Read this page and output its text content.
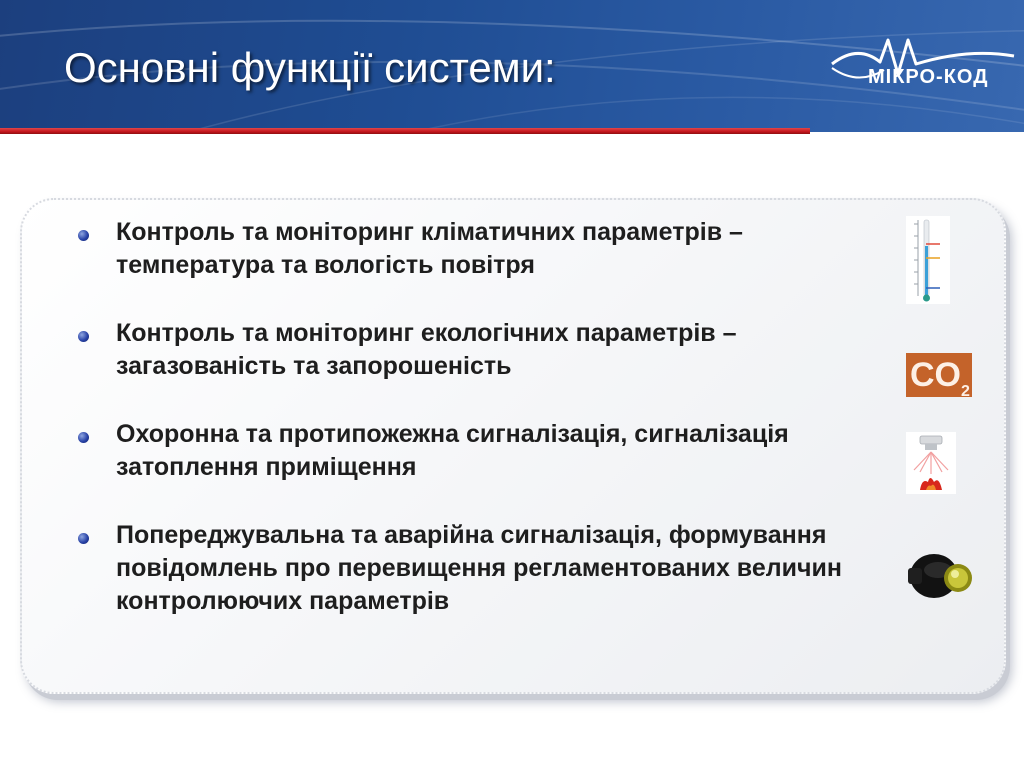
Основні функції системи:	МІКРО-КОД
Контроль та моніторинг кліматичних параметрів – температура та вологість повітря
Контроль та моніторинг екологічних параметрів – загазованість та запорошеність
Охоронна та протипожежна сигналізація, сигналізація затоплення приміщення
Попереджувальна та аварійна сигналізація, формування повідомлень про перевищення регламентованих величин контролюючих параметрів
$CO_2$
